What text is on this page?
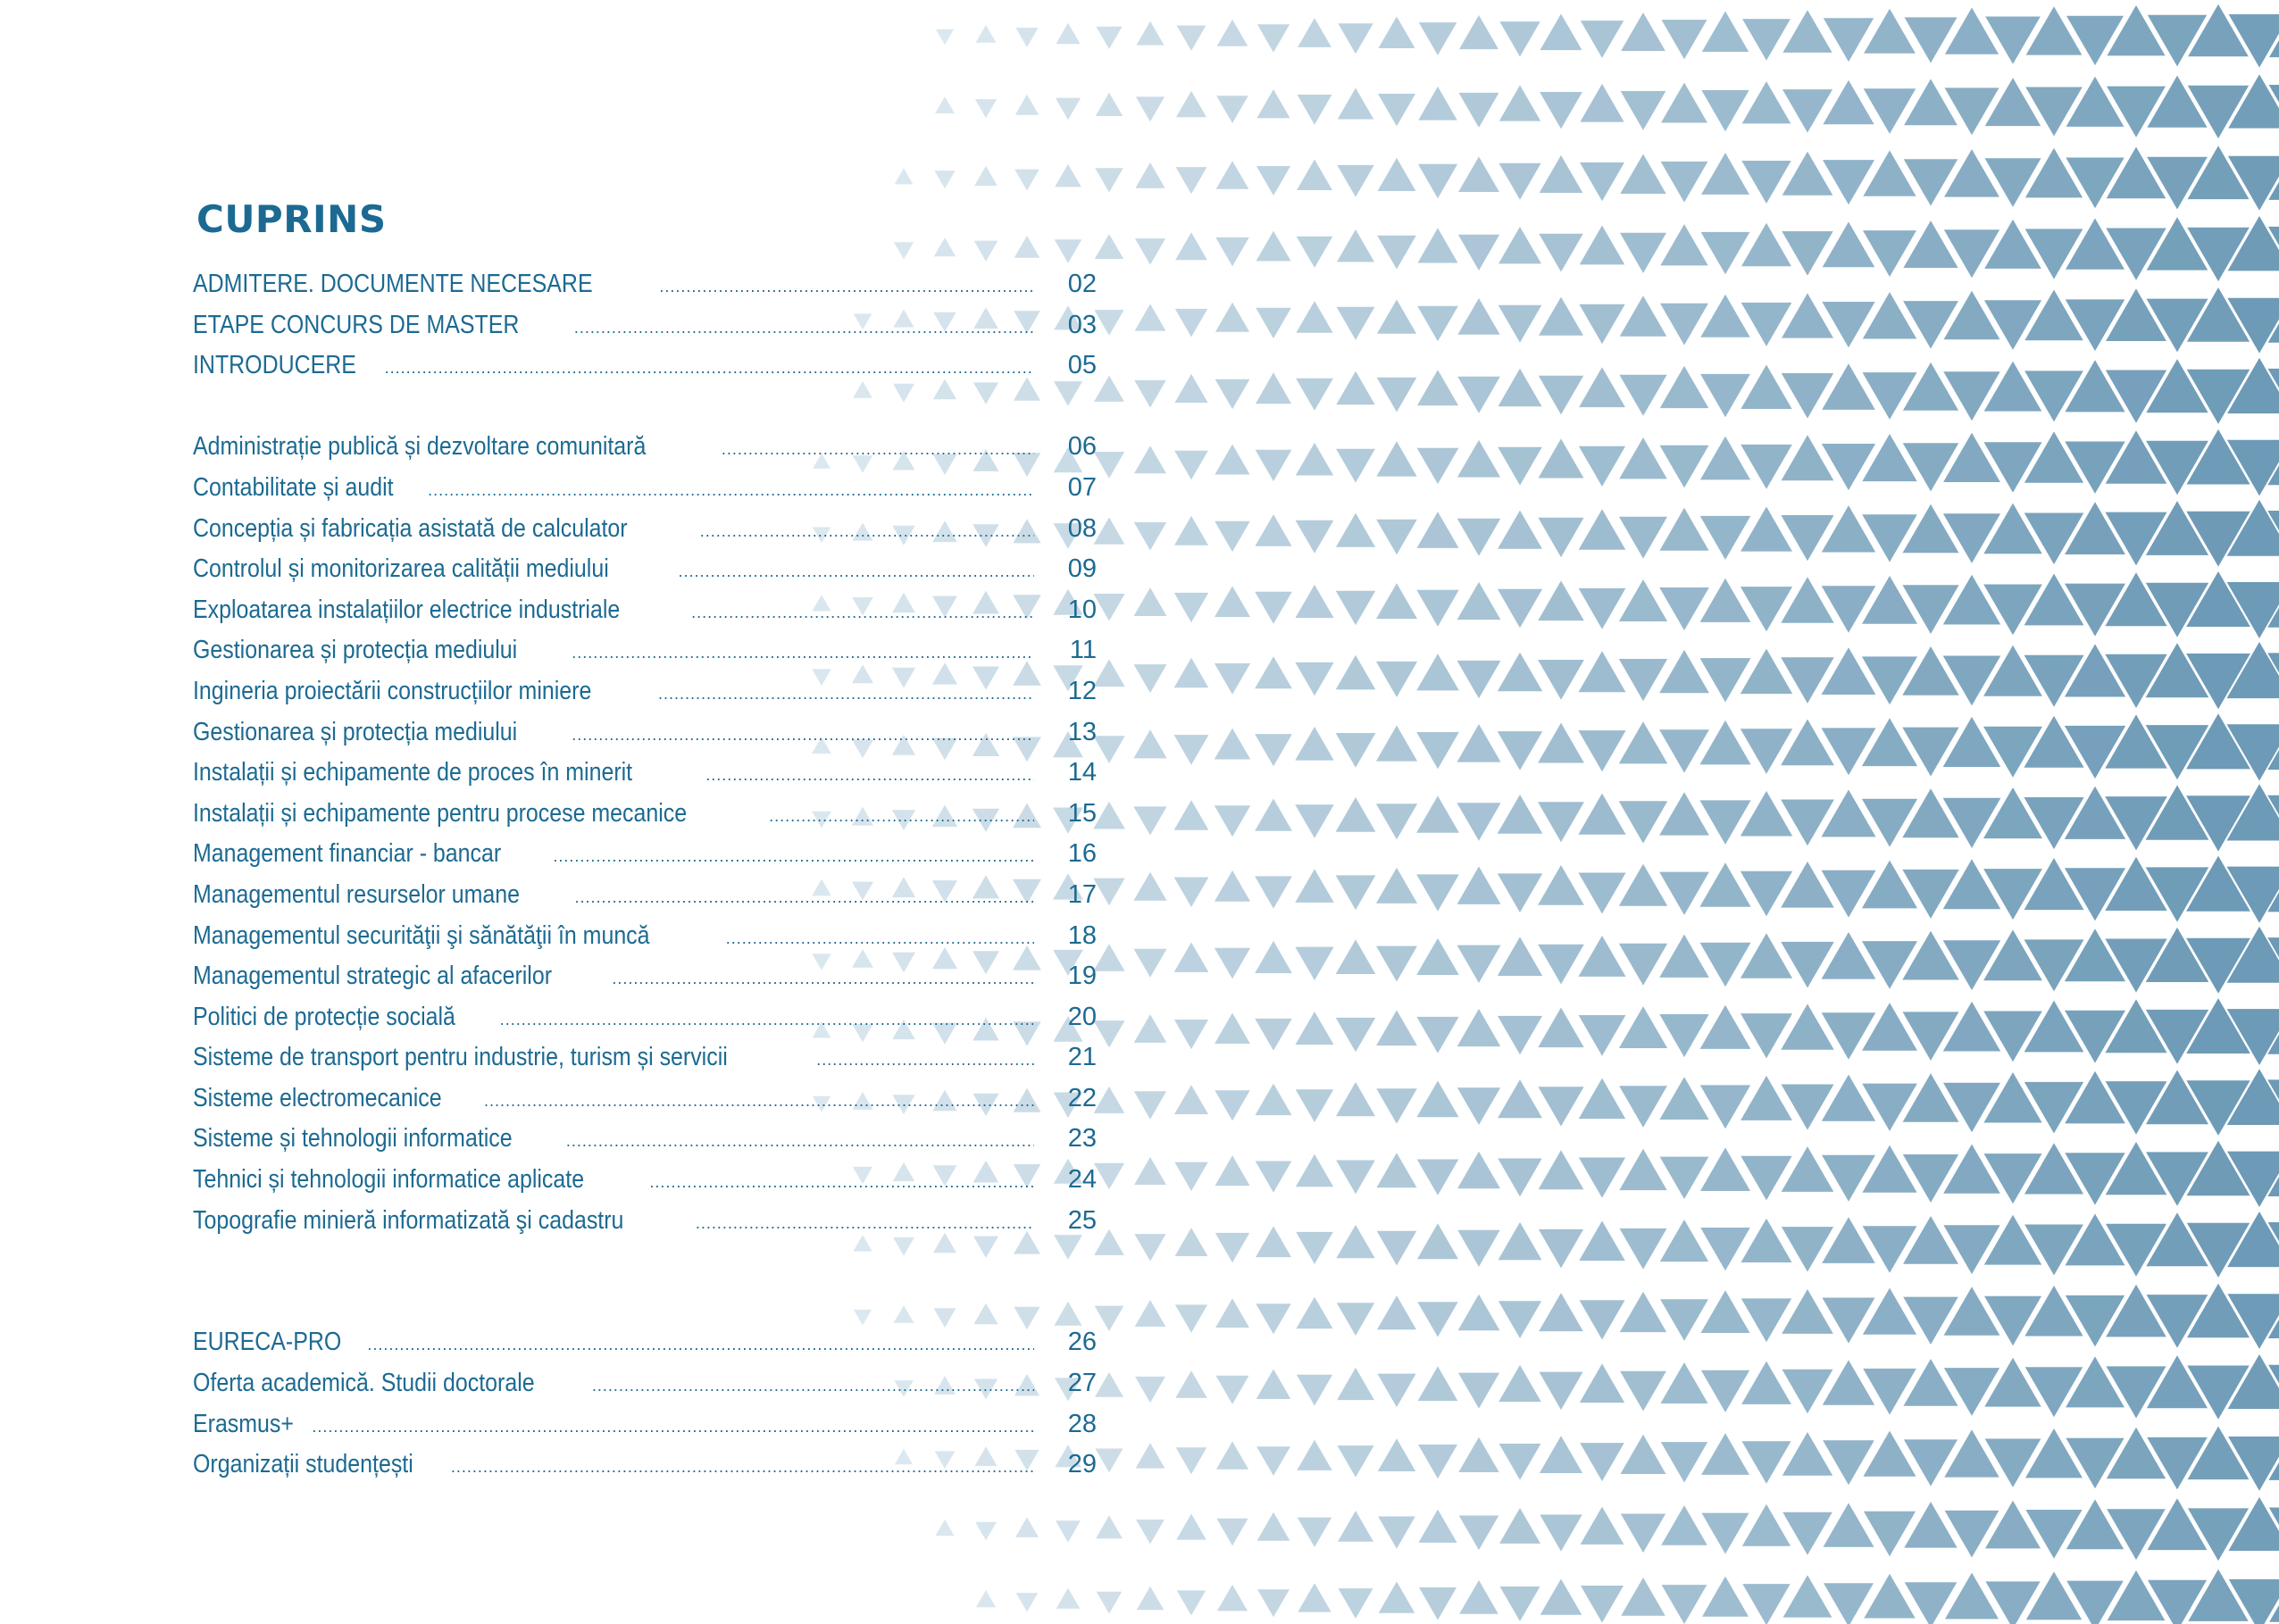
CUPRINS
ADMITERE. DOCUMENTE NECESARE .....	02
ETAPE CONCURS DE MASTER .....	03
INTRODUCERE .....	05
Administrație publică și dezvoltare comunitară .....	06
Contabilitate și audit .....	07
Concepția și fabricația asistată de calculator .....	08
Controlul și monitorizarea calității mediului .....	09
Exploatarea instalațiilor electrice industriale .....	10
Gestionarea și protecția mediului .....	11
Ingineria proiectării construcțiilor miniere .....	12
Gestionarea și protecția mediului .....	13
Instalații și echipamente de proces în minerit .....	14
Instalații și echipamente pentru procese mecanice .....	15
Management financiar - bancar .....	16
Managementul resurselor umane .....	17
Managementul securităţii şi sănătăţii în muncă .....	18
Managementul strategic al afacerilor .....	19
Politici de protecție socială .....	20
Sisteme de transport pentru industrie, turism și servicii .....	21
Sisteme electromecanice .....	22
Sisteme și tehnologii informatice .....	23
Tehnici și tehnologii informatice aplicate .....	24
Topografie minieră informatizată şi cadastru .....	25
EURECA-PRO .....	26
Oferta academică. Studii doctorale .....	27
Erasmus+ .....	28
Organizații studențești .....	29
